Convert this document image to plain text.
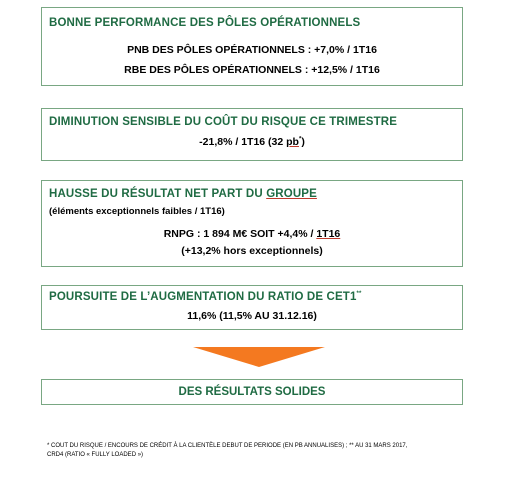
BONNE PERFORMANCE DES PÔLES OPÉRATIONNELS
PNB DES PÔLES OPÉRATIONNELS : +7,0% / 1T16
RBE DES PÔLES OPÉRATIONNELS : +12,5% / 1T16
DIMINUTION SENSIBLE DU COÛT DU RISQUE CE TRIMESTRE
-21,8% / 1T16 (32 pb*)
HAUSSE DU RÉSULTAT NET PART DU GROUPE
(éléments exceptionnels faibles / 1T16)
RNPG : 1 894 M€ SOIT +4,4% / 1T16
(+13,2% hors exceptionnels)
POURSUITE DE L’AUGMENTATION DU RATIO DE CET1**
11,6% (11,5% AU 31.12.16)
DES RÉSULTATS SOLIDES
* COUT DU RISQUE / ENCOURS DE CRÉDIT À LA CLIENTÈLE DEBUT DE PERIODE (EN PB ANNUALISES) ; ** AU 31 MARS 2017,
CRD4 (RATIO « FULLY LOADED »)
